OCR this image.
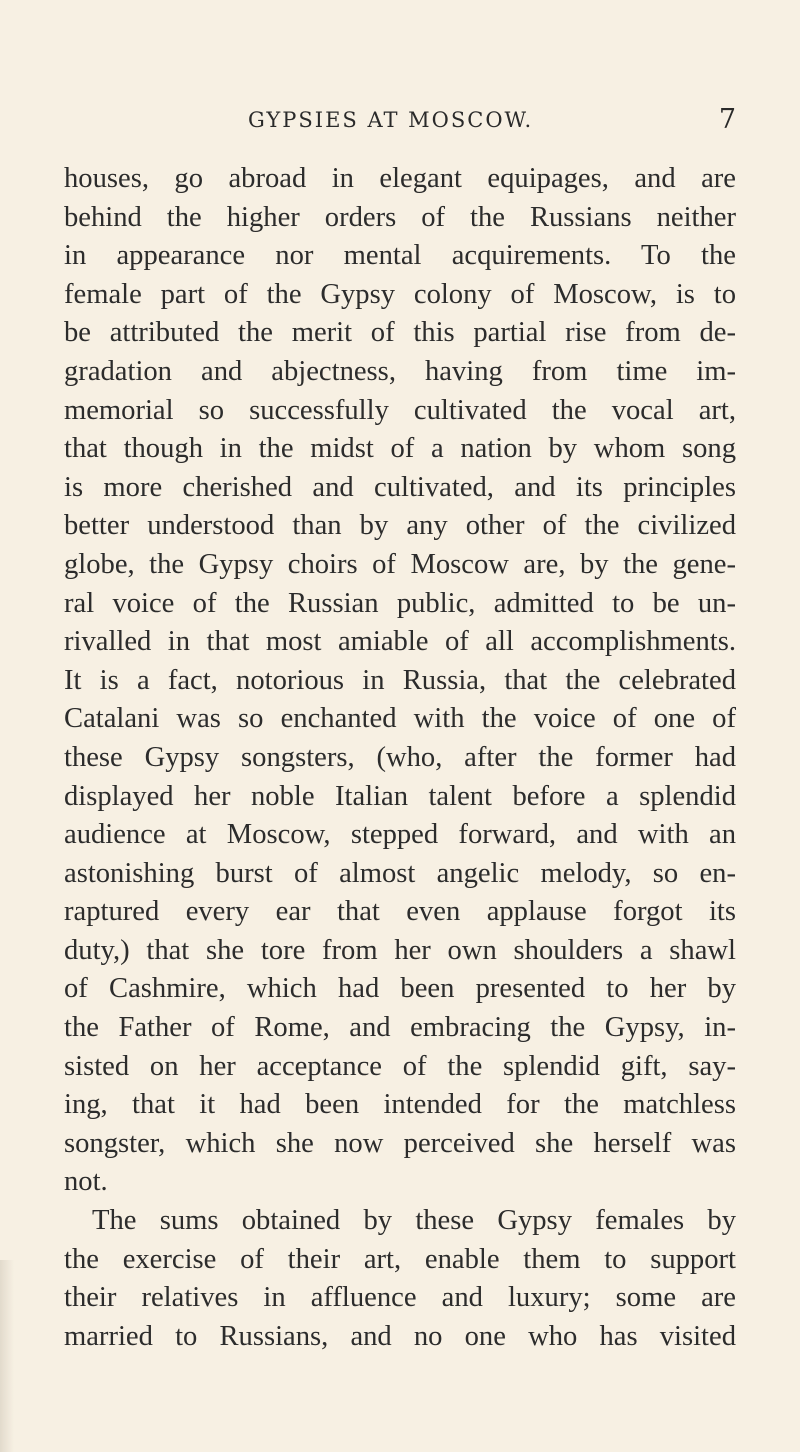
GYPSIES AT MOSCOW.	7
houses, go abroad in elegant equipages, and are
behind the higher orders of the Russians neither
in appearance nor mental acquirements. To the
female part of the Gypsy colony of Moscow, is to
be attributed the merit of this partial rise from de-
gradation and abjectness, having from time im-
memorial so successfully cultivated the vocal art,
that though in the midst of a nation by whom song
is more cherished and cultivated, and its principles
better understood than by any other of the civilized
globe, the Gypsy choirs of Moscow are, by the gene-
ral voice of the Russian public, admitted to be un-
rivalled in that most amiable of all accomplishments.
It is a fact, notorious in Russia, that the celebrated
Catalani was so enchanted with the voice of one of
these Gypsy songsters, (who, after the former had
displayed her noble Italian talent before a splendid
audience at Moscow, stepped forward, and with an
astonishing burst of almost angelic melody, so en-
raptured every ear that even applause forgot its
duty,) that she tore from her own shoulders a shawl
of Cashmire, which had been presented to her by
the Father of Rome, and embracing the Gypsy, in-
sisted on her acceptance of the splendid gift, say-
ing, that it had been intended for the matchless
songster, which she now perceived she herself was
not.
The sums obtained by these Gypsy females by
the exercise of their art, enable them to support
their relatives in affluence and luxury; some are
married to Russians, and no one who has visited
